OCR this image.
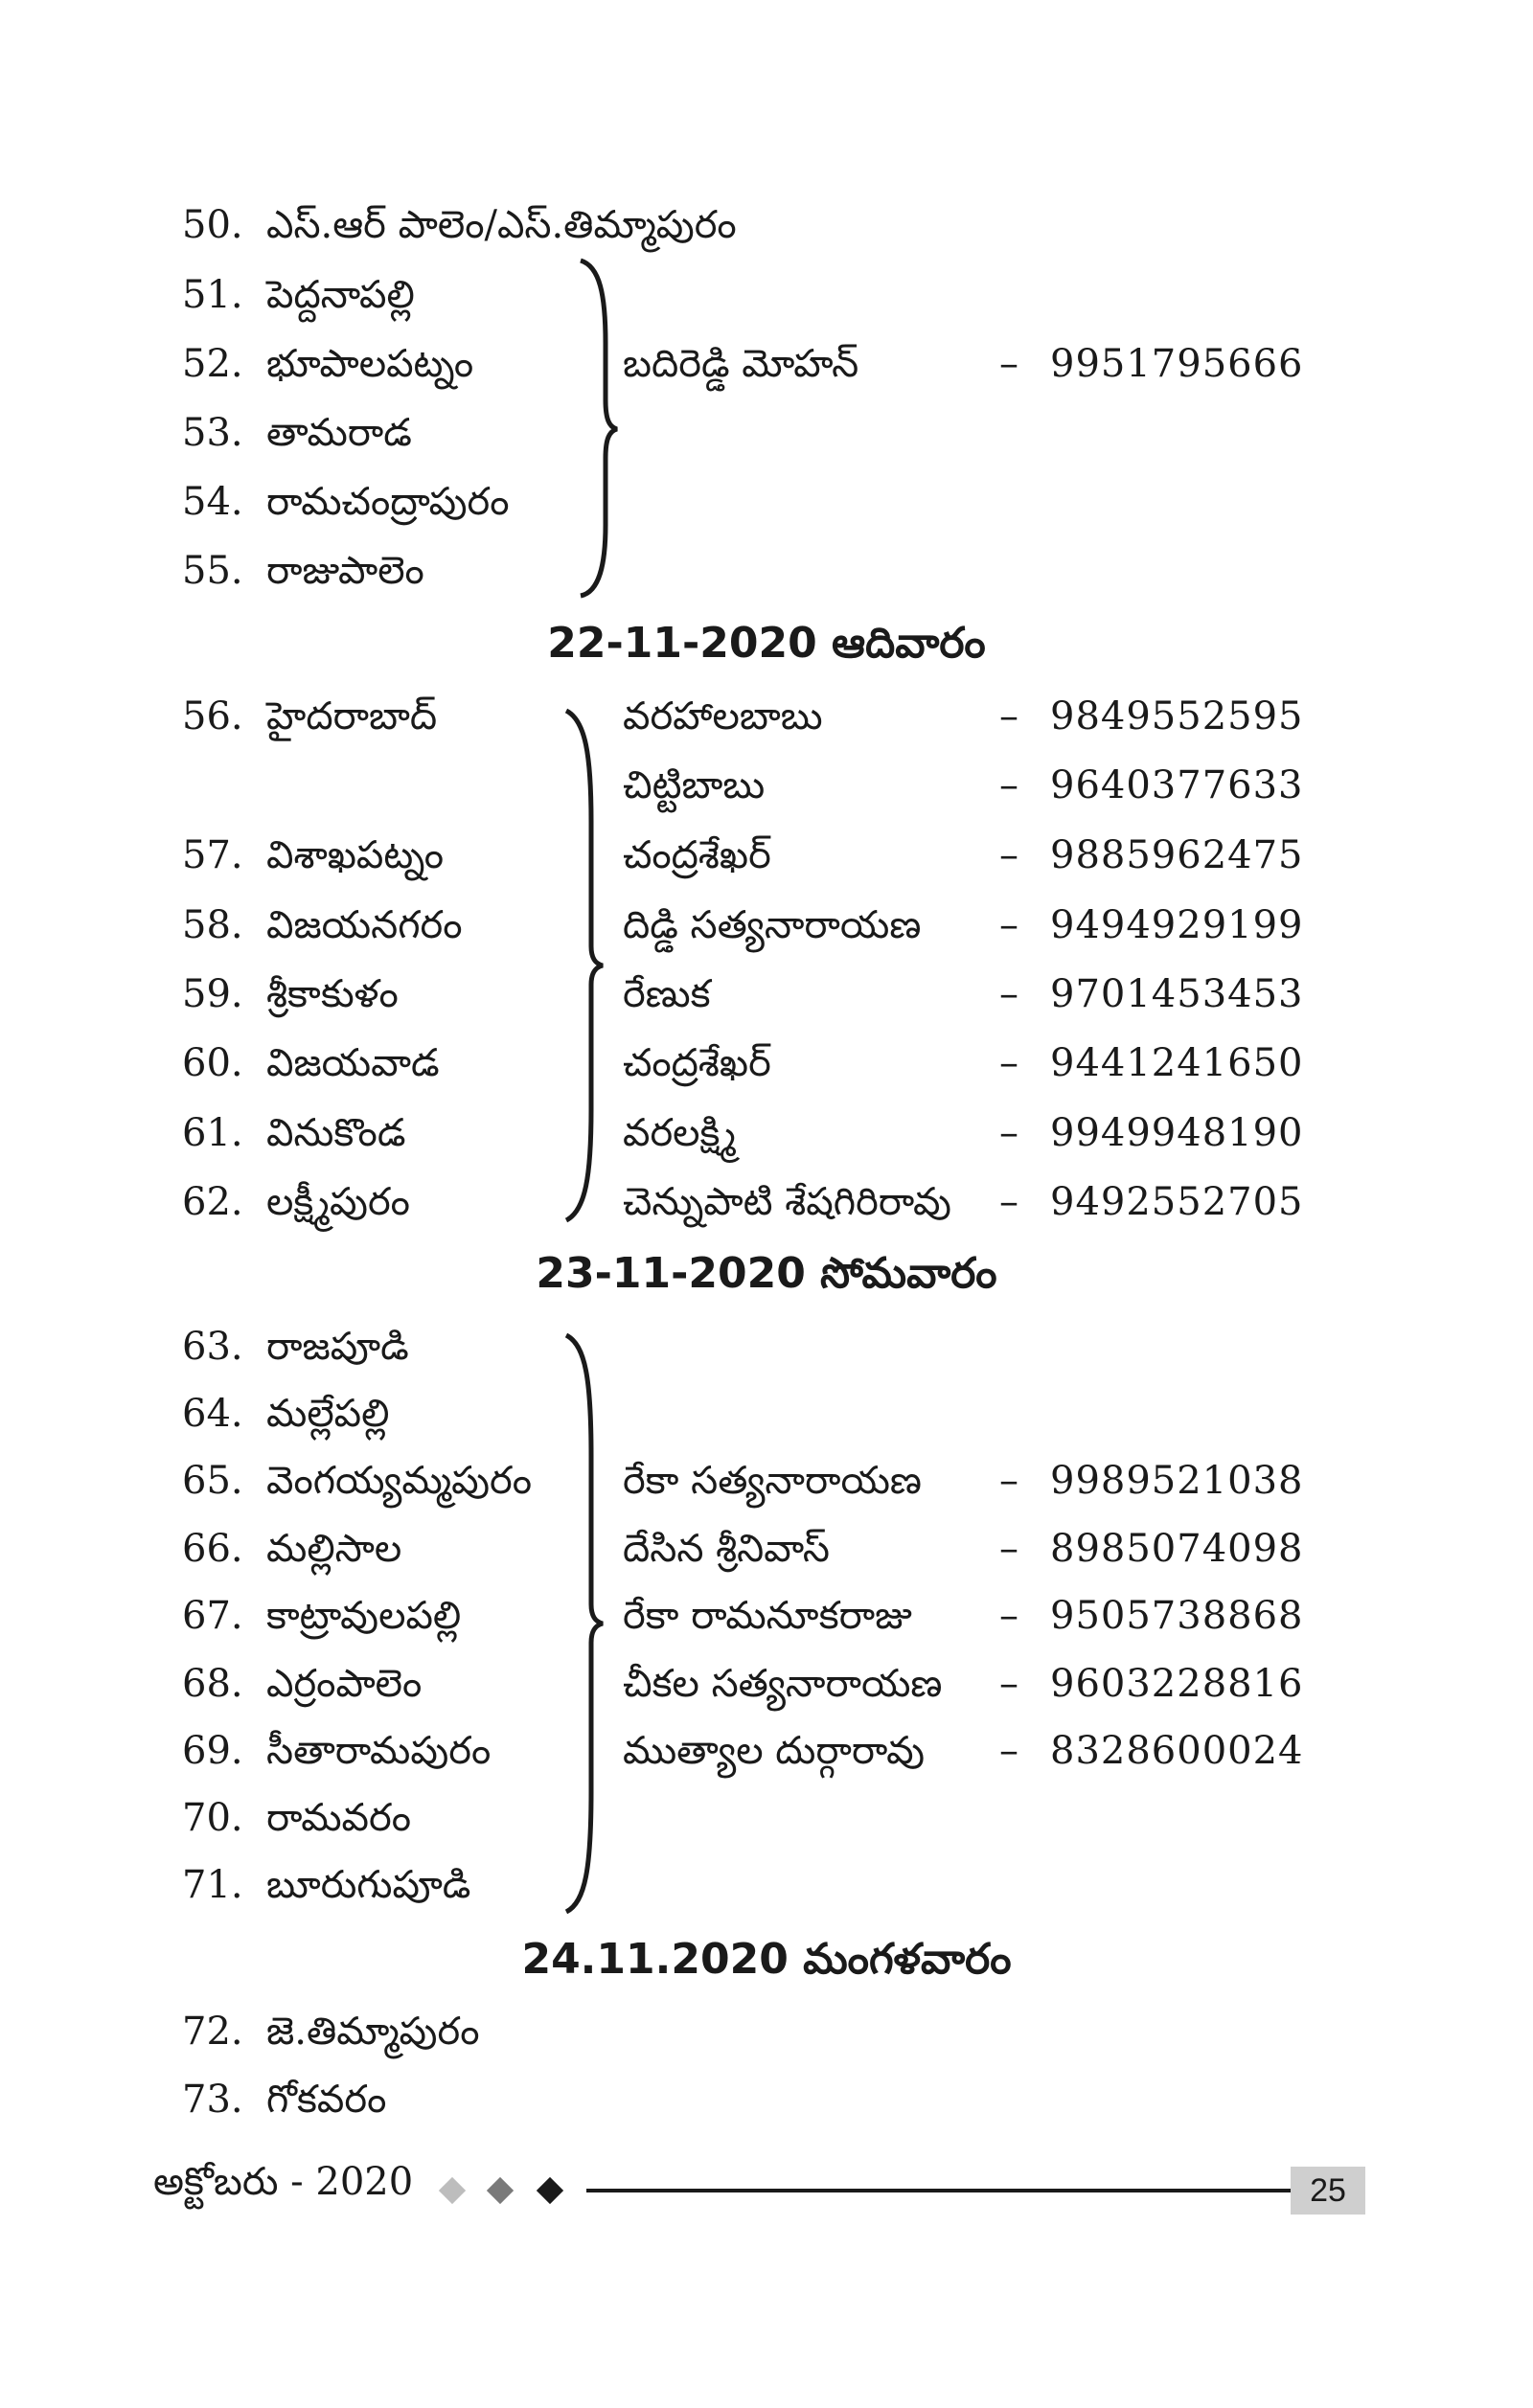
50. ఎస్.ఆర్ పాలెం/ఎస్.తిమ్మాపురం
51. పెద్దనాపల్లి
52. భూపాలపట్నం	బదిరెడ్డి మోహన్	– 9951795666
53. తామరాడ
54. రామచంద్రాపురం
55. రాజుపాలెం
22-11-2020 ఆదివారం
56. హైదరాబాద్	వరహాలబాబు	– 9849552595
చిట్టిబాబు	– 9640377633
57. విశాఖపట్నం	చంద్రశేఖర్	– 9885962475
58. విజయనగరం	దిడ్డి సత్యనారాయణ – 9494929199
59. శ్రీకాకుళం	రేణుక	– 9701453453
60. విజయవాడ	చంద్రశేఖర్	– 9441241650
61. వినుకొండ	వరలక్ష్మి	– 9949948190
62. లక్ష్మీపురం	చెన్నుపాటి శేషగిరిరావు – 9492552705
23-11-2020 సోమవారం
63. రాజపూడి
64. మల్లేపల్లి
65. వెంగయ్యమ్మపురం రేకా సత్యనారాయణ – 9989521038
66. మల్లిసాల	దేసిన శ్రీనివాస్	– 8985074098
67. కాట్రావులపల్లి	రేకా రామనూకరాజు – 9505738868
68. ఎర్రంపాలెం	చీకల సత్యనారాయణ – 9603228816
69. సీతారామపురం	ముత్యాల దుర్గారావు – 8328600024
70. రామవరం
71. బూరుగుపూడి
24.11.2020 మంగళవారం
72. జె.తిమ్మాపురం
73. గోకవరం
అక్టోబరు - 2020	25
